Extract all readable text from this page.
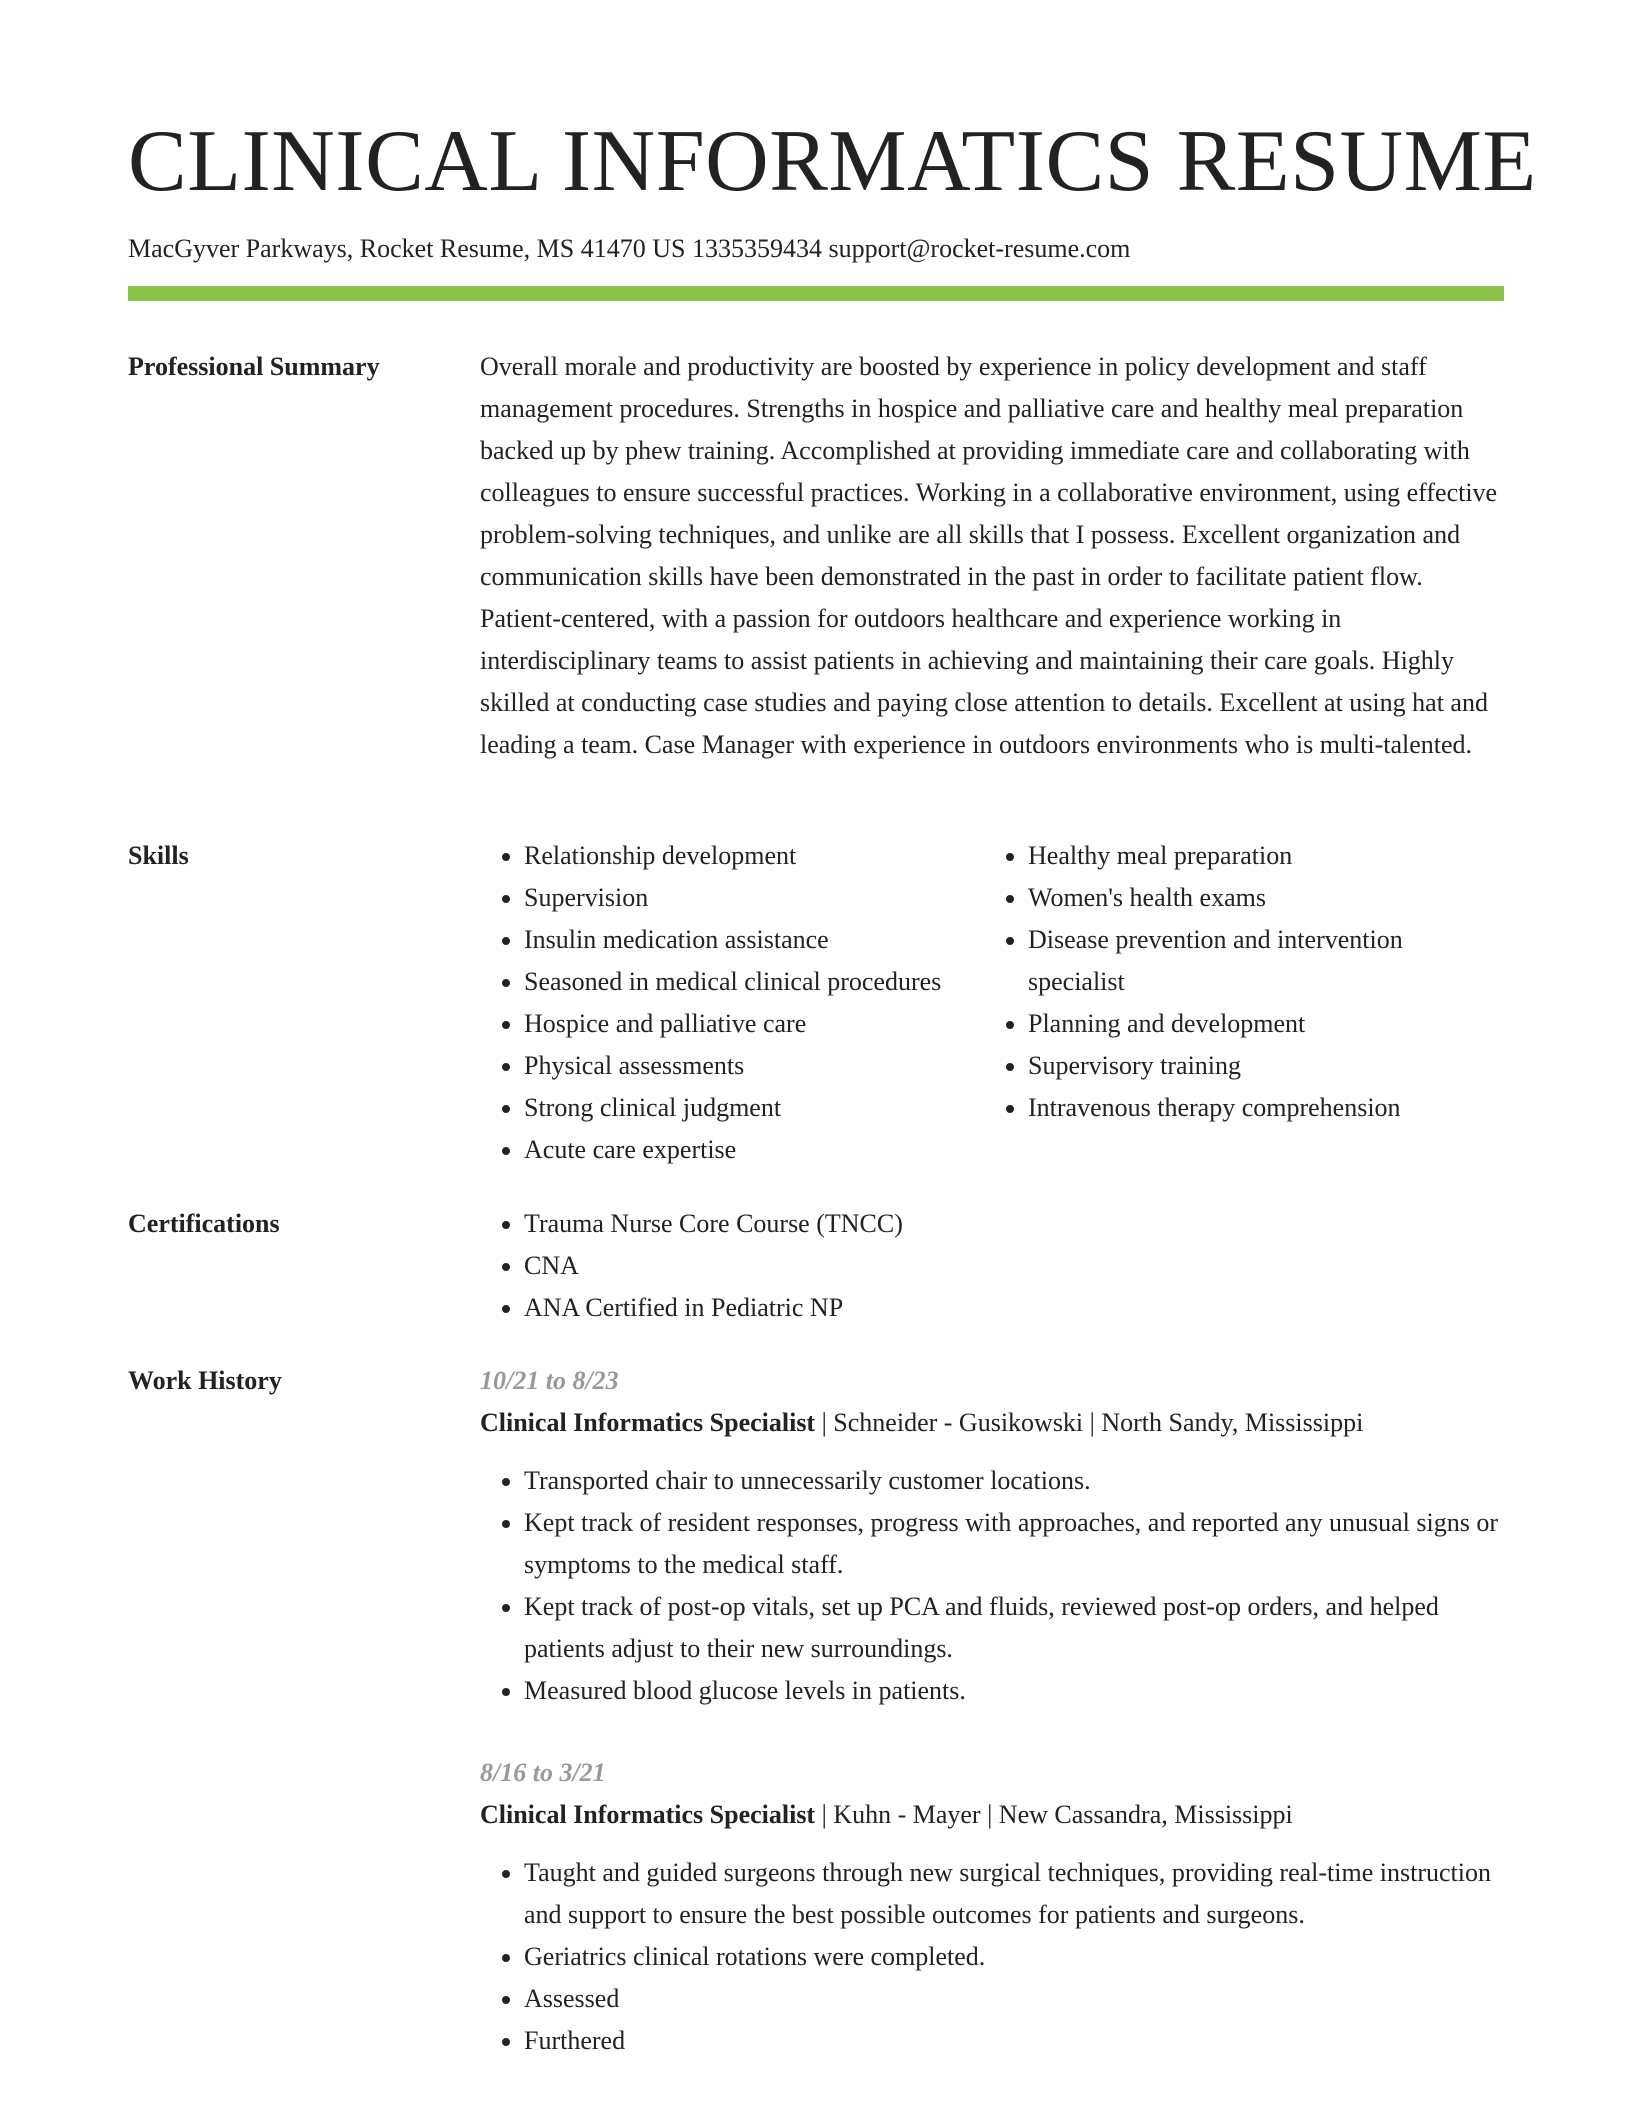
CLINICAL INFORMATICS RESUME
MacGyver Parkways, Rocket Resume, MS 41470 US 1335359434 support@rocket-resume.com
Professional Summary	Overall morale and productivity are boosted by experience in policy development and staff management procedures. Strengths in hospice and palliative care and healthy meal preparation backed up by phew training. Accomplished at providing immediate care and collaborating with colleagues to ensure successful practices. Working in a collaborative environment, using effective problem-solving techniques, and unlike are all skills that I possess. Excellent organization and communication skills have been demonstrated in the past in order to facilitate patient flow. Patient-centered, with a passion for outdoors healthcare and experience working in interdisciplinary teams to assist patients in achieving and maintaining their care goals. Highly skilled at conducting case studies and paying close attention to details. Excellent at using hat and leading a team. Case Manager with experience in outdoors environments who is multi-talented.

Skills	• Relationship development
• Supervision
• Insulin medication assistance
• Seasoned in medical clinical procedures
• Hospice and palliative care
• Physical assessments
• Strong clinical judgment
• Acute care expertise
• Healthy meal preparation
• Women's health exams
• Disease prevention and intervention specialist
• Planning and development
• Supervisory training
• Intravenous therapy comprehension
Certifications	• Trauma Nurse Core Course (TNCC)
• CNA
• ANA Certified in Pediatric NP
Work History	10/21 to 8/23
Clinical Informatics Specialist | Schneider - Gusikowski | North Sandy, Mississippi
• Transported chair to unnecessarily customer locations.
• Kept track of resident responses, progress with approaches, and reported any unusual signs or symptoms to the medical staff.
• Kept track of post-op vitals, set up PCA and fluids, reviewed post-op orders, and helped patients adjust to their new surroundings.
• Measured blood glucose levels in patients.
8/16 to 3/21
Clinical Informatics Specialist | Kuhn - Mayer | New Cassandra, Mississippi
• Taught and guided surgeons through new surgical techniques, providing real-time instruction and support to ensure the best possible outcomes for patients and surgeons.
• Geriatrics clinical rotations were completed.
• Assessed
• Furthered
